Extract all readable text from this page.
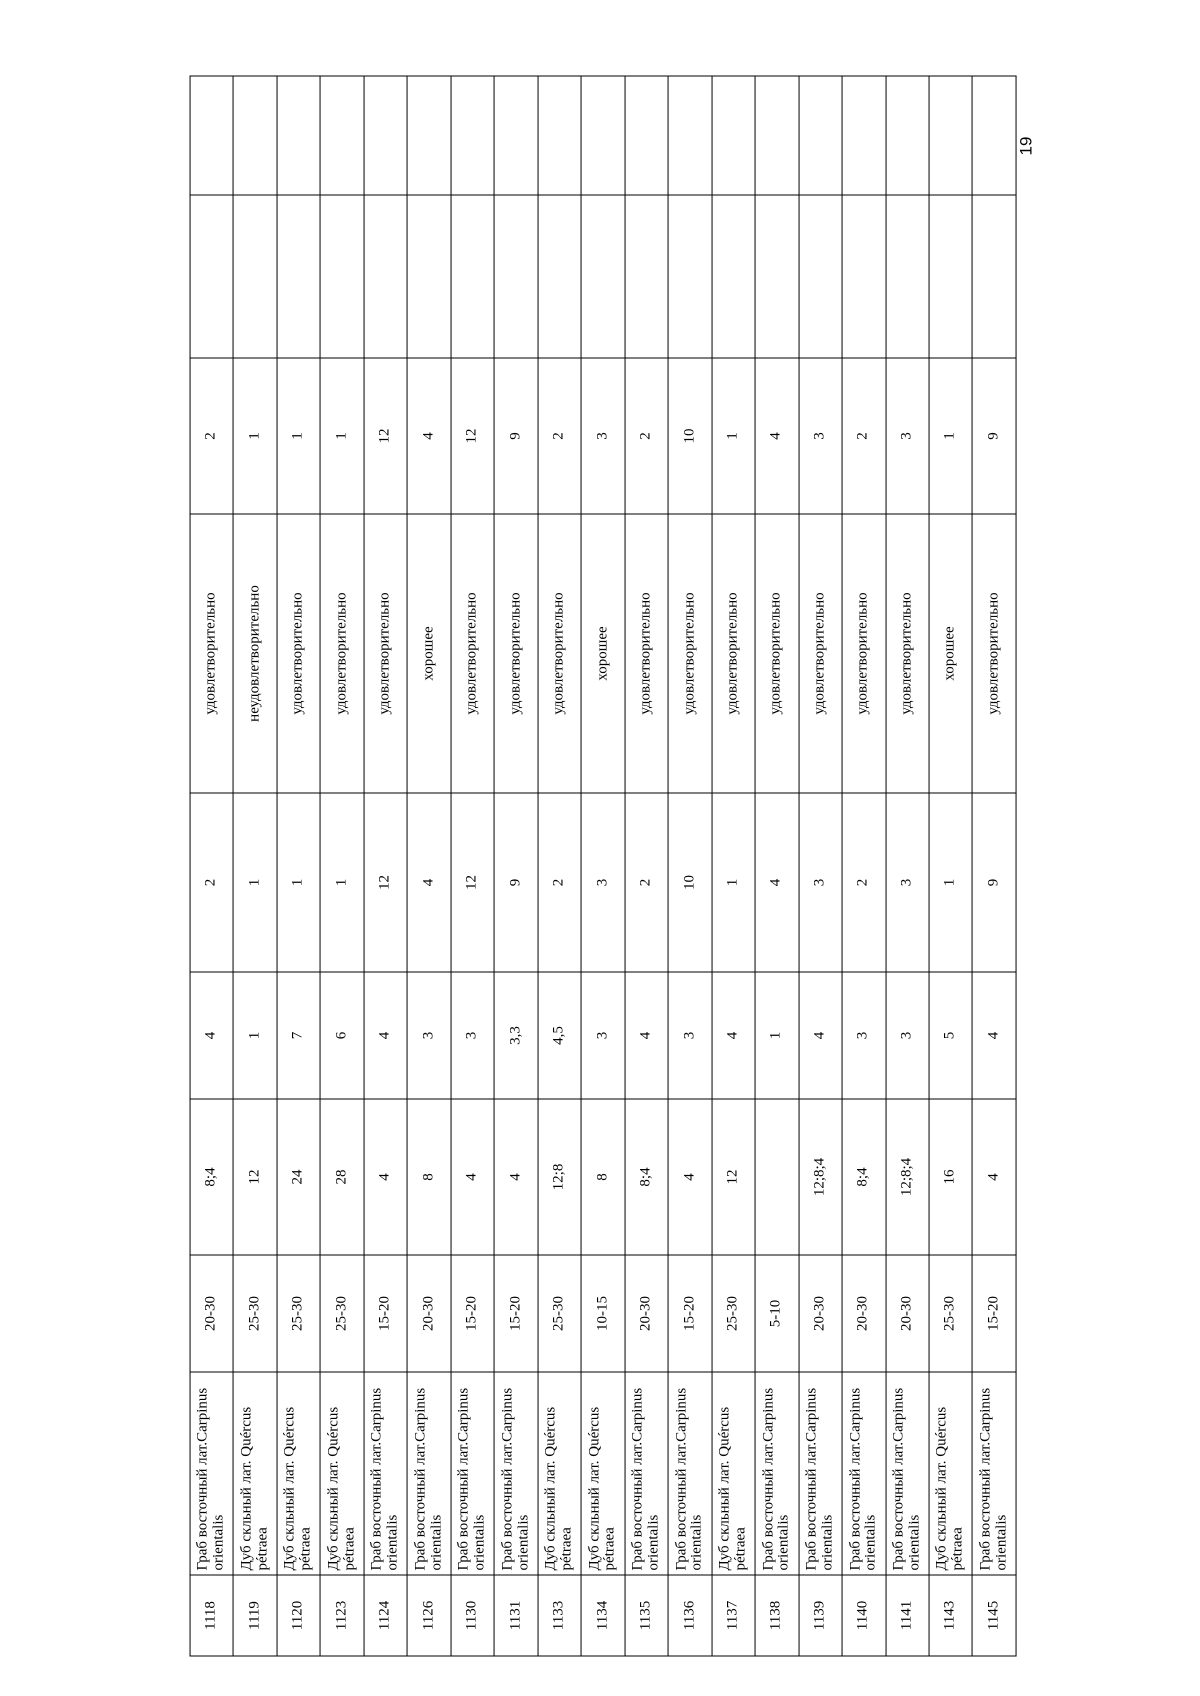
19
1118	Граб восточный лат.Carpinus orientalis	20-30	8;4	4	2	удовлетворительно	2		
1119	Дуб скльный лат. Quércus pétraea	25-30	12	1	1	неудовлетворительно	1		
1120	Дуб скльный лат. Quércus pétraea	25-30	24	7	1	удовлетворительно	1		
1123	Дуб скльный лат. Quércus pétraea	25-30	28	6	1	удовлетворительно	1		
1124	Граб восточный лат.Carpinus orientalis	15-20	4	4	12	удовлетворительно	12		
1126	Граб восточный лат.Carpinus orientalis	20-30	8	3	4	хорошее	4		
1130	Граб восточный лат.Carpinus orientalis	15-20	4	3	12	удовлетворительно	12		
1131	Граб восточный лат.Carpinus orientalis	15-20	4	3,3	9	удовлетворительно	9		
1133	Дуб скльный лат. Quércus pétraea	25-30	12;8	4,5	2	удовлетворительно	2		
1134	Дуб скльный лат. Quércus pétraea	10-15	8	3	3	хорошее	3		
1135	Граб восточный лат.Carpinus orientalis	20-30	8;4	4	2	удовлетворительно	2		
1136	Граб восточный лат.Carpinus orientalis	15-20	4	3	10	удовлетворительно	10		
1137	Дуб скльный лат. Quércus pétraea	25-30	12	4	1	удовлетворительно	1		
1138	Граб восточный лат.Carpinus orientalis	5-10		1	4	удовлетворительно	4		
1139	Граб восточный лат.Carpinus orientalis	20-30	12;8;4	4	3	удовлетворительно	3		
1140	Граб восточный лат.Carpinus orientalis	20-30	8;4	3	2	удовлетворительно	2		
1141	Граб восточный лат.Carpinus orientalis	20-30	12;8;4	3	3	удовлетворительно	3		
1143	Дуб скльный лат. Quércus pétraea	25-30	16	5	1	хорошее	1		
1145	Граб восточный лат.Carpinus orientalis	15-20	4	4	9	удовлетворительно	9		
